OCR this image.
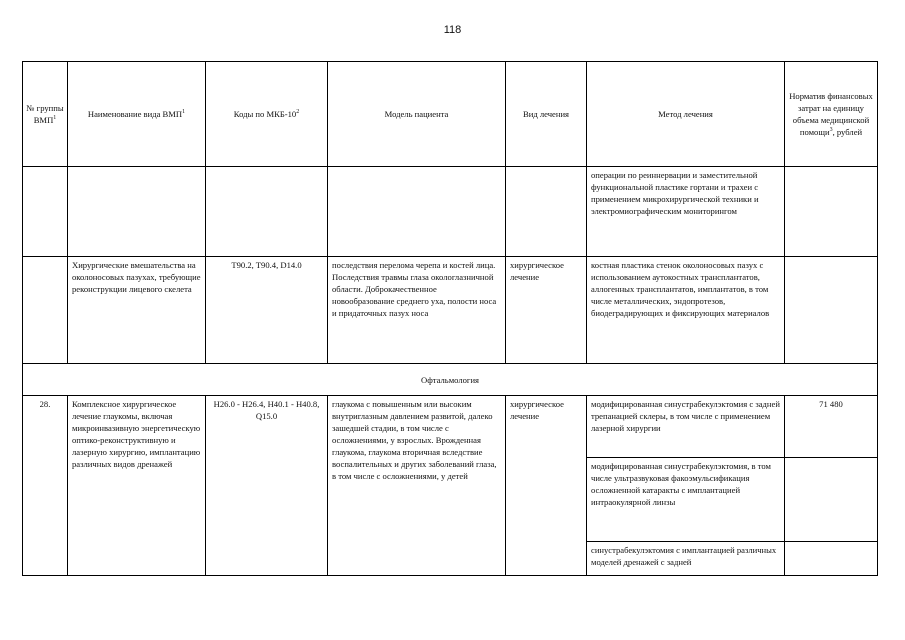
118
№ группы ВМП$^1$	Наименование вида ВМП$^1$	Коды по МКБ-$10^2$	Модель пациента	Вид лечения	Метод лечения	Норматив финансовых затрат на единицу объема медицинской помощи$^3$, рублей
					операции по реиннервации и заместительной функциональной пластике гортани и трахеи с применением микрохирургической техники и электромиографическим мониторингом	
	Хирургические вмешательства на околоносовых пазухах, требующие реконструкции лицевого скелета	T90.2, T90.4, D14.0	последствия перелома черепа и костей лица. Последствия травмы глаза окологлазничной области. Доброкачественное новообразование среднего уха, полости носа и придаточных пазух носа	хирургическое лечение	костная пластика стенок околоносовых пазух с использованием аутокостных трансплантатов, аллогенных трансплантатов, имплантатов, в том числе металлических, эндопротезов, биодеградирующих и фиксирующих материалов	
Офтальмология						
28.	Комплексное хирургическое лечение глаукомы, включая микроинвазивную энергетическую оптико-реконструктивную и лазерную хирургию, имплантацию различных видов дренажей	H26.0 - H26.4, H40.1 - H40.8, Q15.0	глаукома с повышенным или высоким внутриглазным давлением развитой, далеко зашедшей стадии, в том числе с осложнениями, у взрослых. Врожденная глаукома, глаукома вторичная вследствие воспалительных и других заболеваний глаза, в том числе с осложнениями, у детей	хирургическое лечение	модифицированная синустрабекулэктомия с задней трепанацией склеры, в том числе с применением лазерной хирургии	71 480
					модифицированная синустрабекулэктомия, в том числе ультразвуковая факоэмульсификация осложненной катаракты с имплантацией интраокулярной линзы	
					синустрабекулэктомия с имплантацией различных моделей дренажей с задней	
